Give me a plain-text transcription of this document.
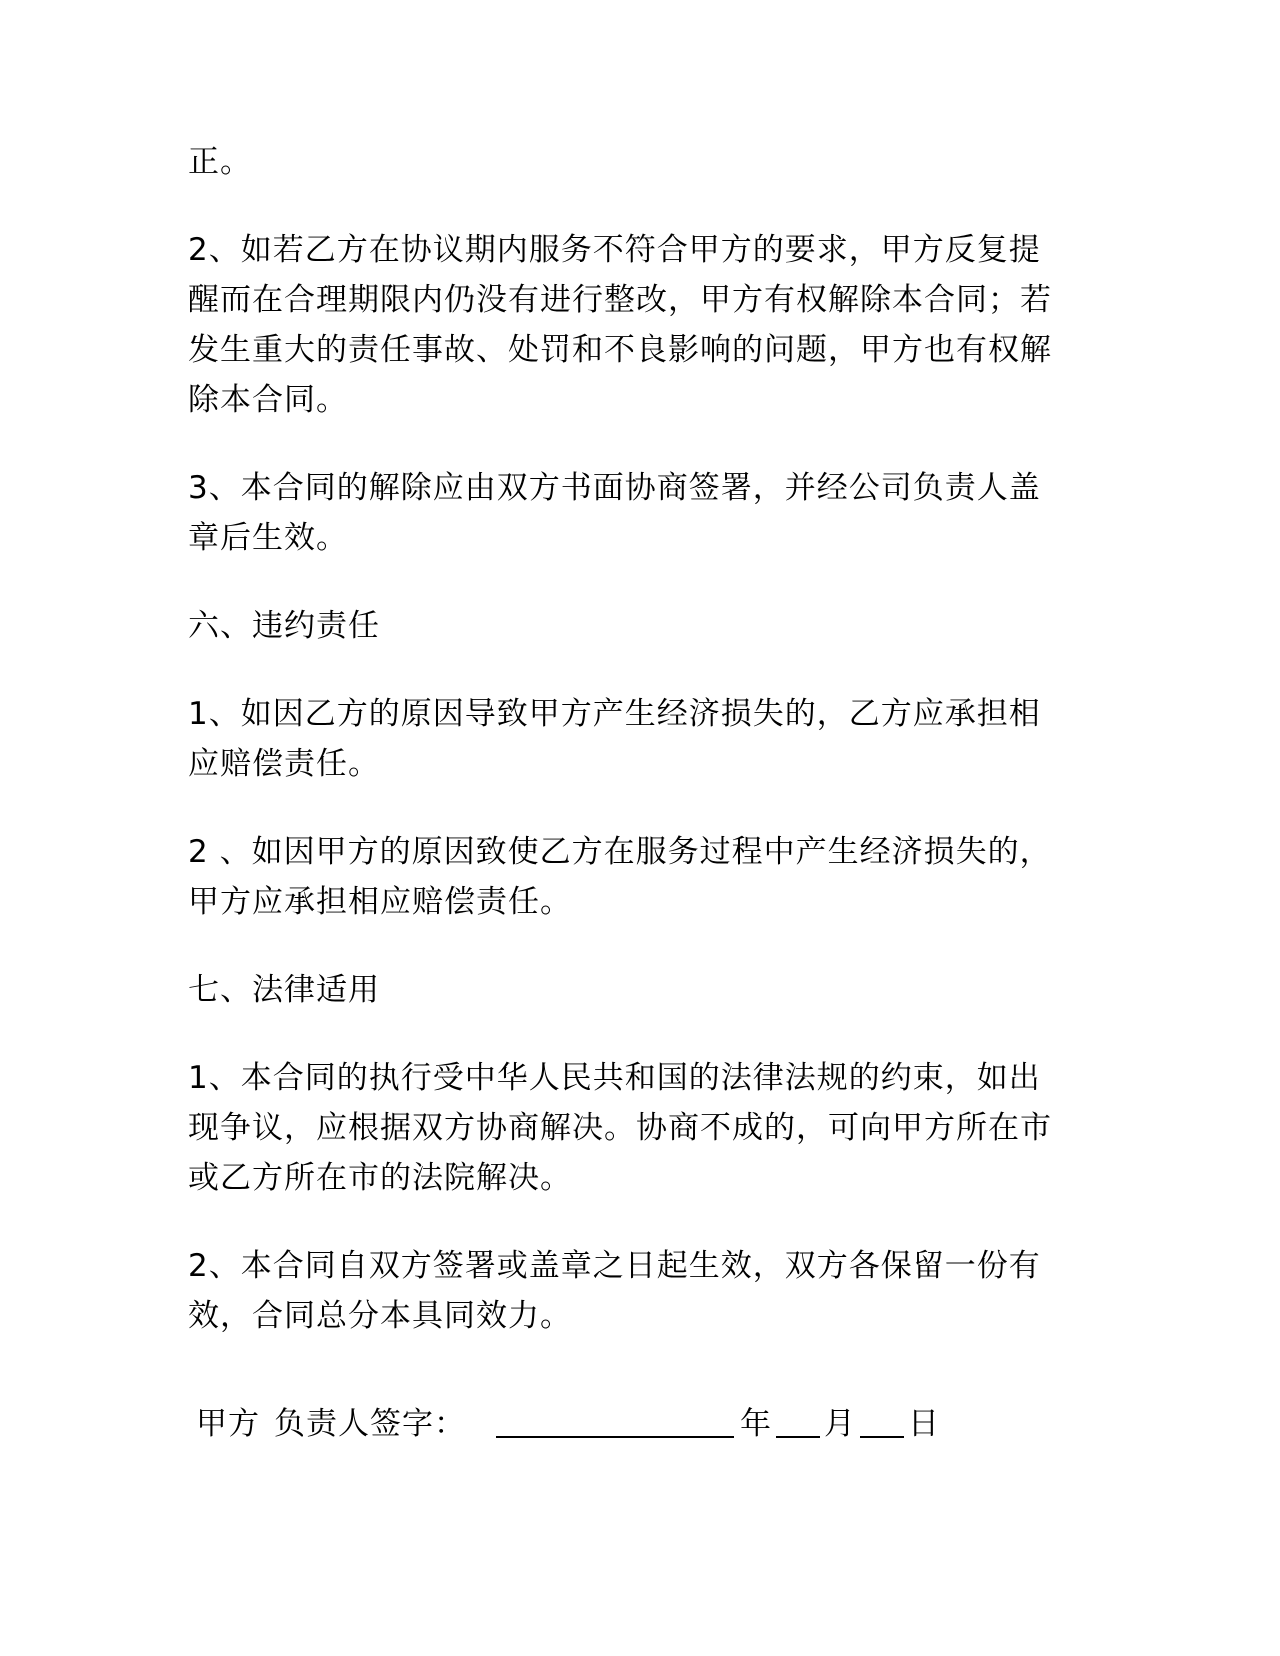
正。
2、如若乙方在协议期内服务不符合甲方的要求，甲方反复提
醒而在合理期限内仍没有进行整改，甲方有权解除本合同；若
发生重大的责任事故、处罚和不良影响的问题，甲方也有权解
除本合同。
3、本合同的解除应由双方书面协商签署，并经公司负责人盖
章后生效。
六、违约责任
1、如因乙方的原因导致甲方产生经济损失的，乙方应承担相
应赔偿责任。
2 、如因甲方的原因致使乙方在服务过程中产生经济损失的，
甲方应承担相应赔偿责任。
七、法律适用
1、本合同的执行受中华人民共和国的法律法规的约束，如出
现争议，应根据双方协商解决。协商不成的，可向甲方所在市
或乙方所在市的法院解决。
2、本合同自双方签署或盖章之日起生效，双方各保留一份有
效，合同总分本具同效力。
甲方 负责人签字：	年 月 日
